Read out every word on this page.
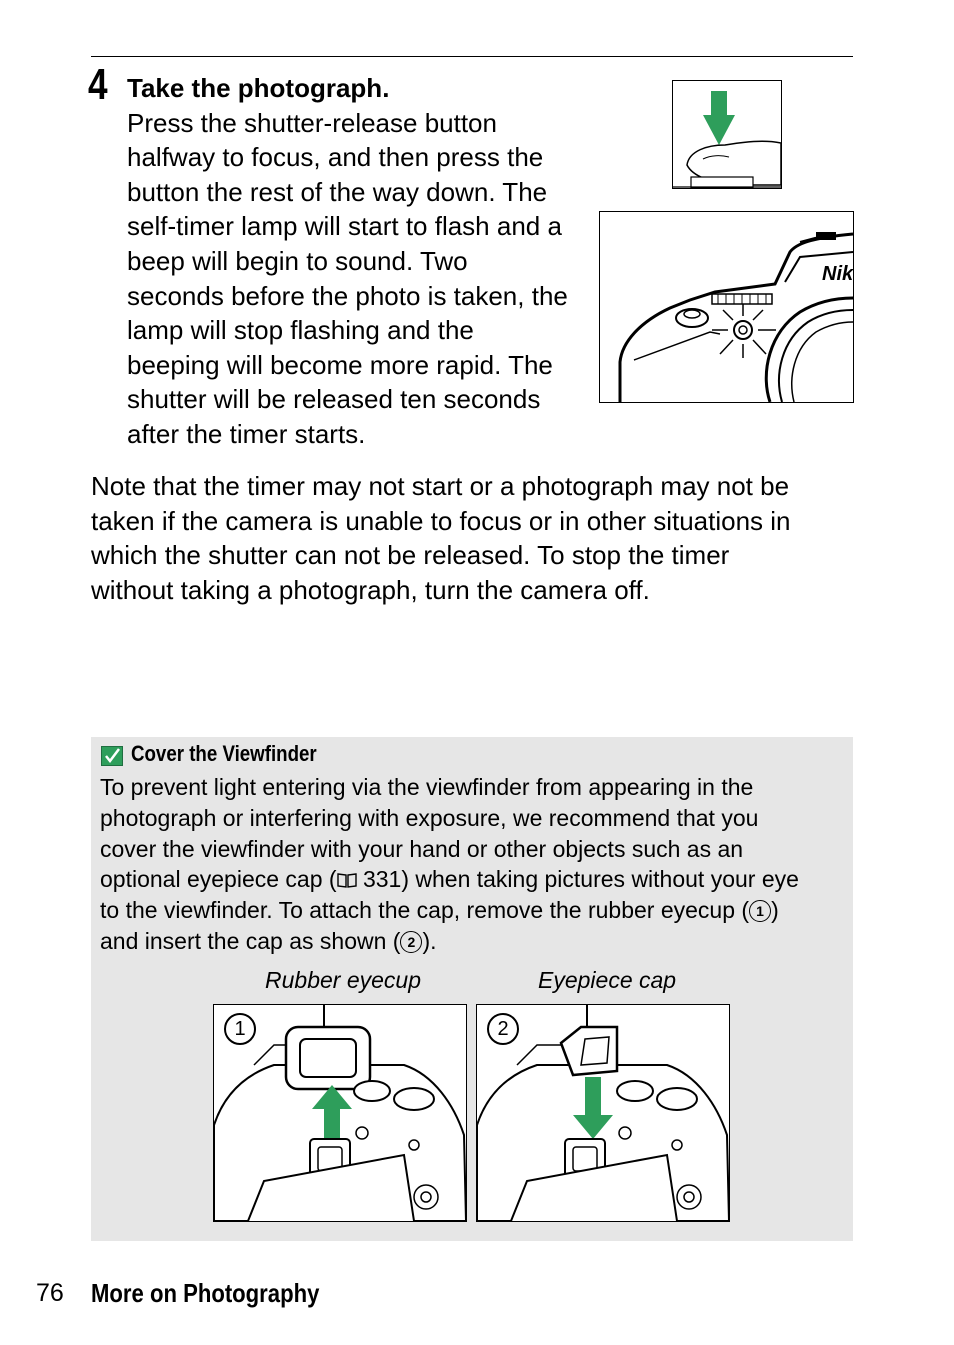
4 Take the photograph.
Press the shutter-release button
halfway to focus, and then press the
button the rest of the way down. The
self-timer lamp will start to flash and a
beep will begin to sound. Two
seconds before the photo is taken, the
lamp will stop flashing and the
beeping will become more rapid. The
shutter will be released ten seconds
after the timer starts.
Nik
Note that the timer may not start or a photograph may not be
taken if the camera is unable to focus or in other situations in
which the shutter can not be released. To stop the timer
without taking a photograph, turn the camera off.
Cover the Viewfinder
To prevent light entering via the viewfinder from appearing in the
photograph or interfering with exposure, we recommend that you
cover the viewfinder with your hand or other objects such as an
optional eyepiece cap ( 331) when taking pictures without your eye
to the viewfinder. To attach the cap, remove the rubber eyecup ( 1 )
and insert the cap as shown ( 2 ).
Rubber eyecup	Eyepiece cap
1	2
76 More on Photography
